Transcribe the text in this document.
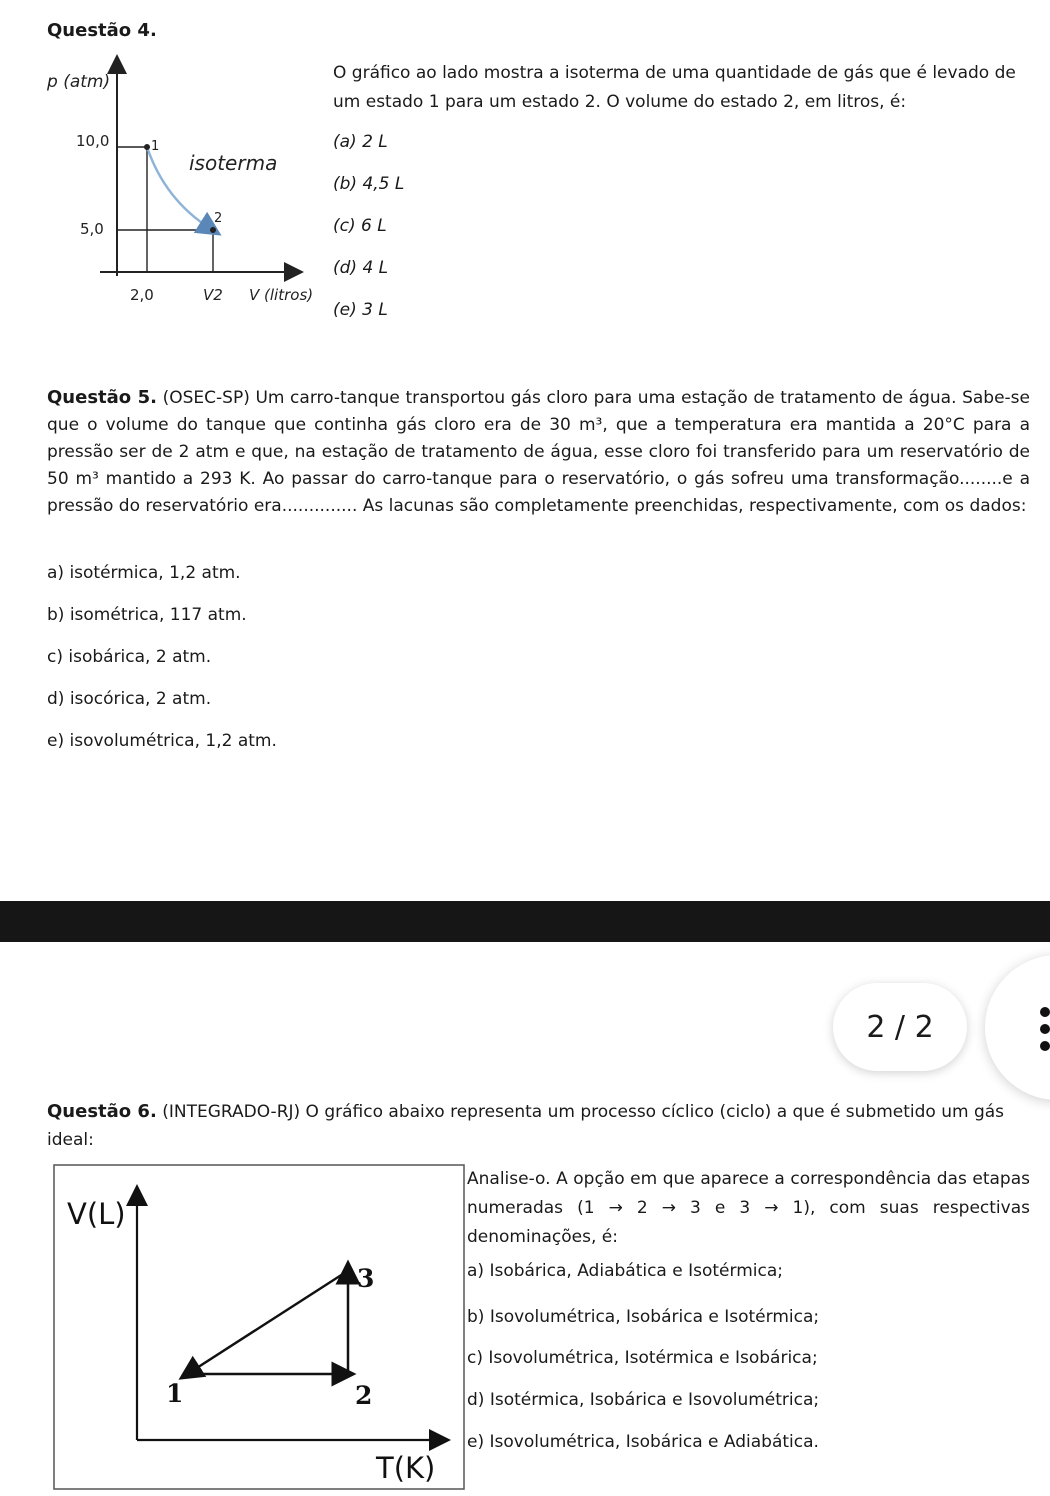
Questão 4.
p (atm)
10,0
5,0
2,0	V2 V (litros)
isoterma
1
2
O gráfico ao lado mostra a isoterma de uma quantidade de gás que é levado de um estado 1 para um estado 2. O volume do estado 2, em litros, é:
(a) 2 L
(b) 4,5 L
(c) 6 L
(d) 4 L
(e) 3 L
Questão 5. (OSEC-SP) Um carro-tanque transportou gás cloro para uma estação de tratamento de água. Sabe-se que o volume do tanque que continha gás cloro era de 30 m³, que a temperatura era mantida a 20°C para a pressão ser de 2 atm e que, na estação de tratamento de água, esse cloro foi transferido para um reservatório de 50 m³ mantido a 293 K. Ao passar do carro-tanque para o reservatório, o gás sofreu uma transformação........e a pressão do reservatório era.............. As lacunas são completamente preenchidas, respectivamente, com os dados:
a) isotérmica, 1,2 atm.
b) isométrica, 117 atm.
c) isobárica, 2 atm.
d) isocórica, 2 atm.
e) isovolumétrica, 1,2 atm.
2 / 2
Questão 6. (INTEGRADO-RJ) O gráfico abaixo representa um processo cíclico (ciclo) a que é submetido um gás ideal:
V(L)
T(K)
1	2
3
Analise-o. A opção em que aparece a correspondência das etapas numeradas (1 → 2 → 3 e 3 → 1), com suas respectivas denominações, é:
a) Isobárica, Adiabática e Isotérmica;
b) Isovolumétrica, Isobárica e Isotérmica;
c) Isovolumétrica, Isotérmica e Isobárica;
d) Isotérmica, Isobárica e Isovolumétrica;
e) Isovolumétrica, Isobárica e Adiabática.
